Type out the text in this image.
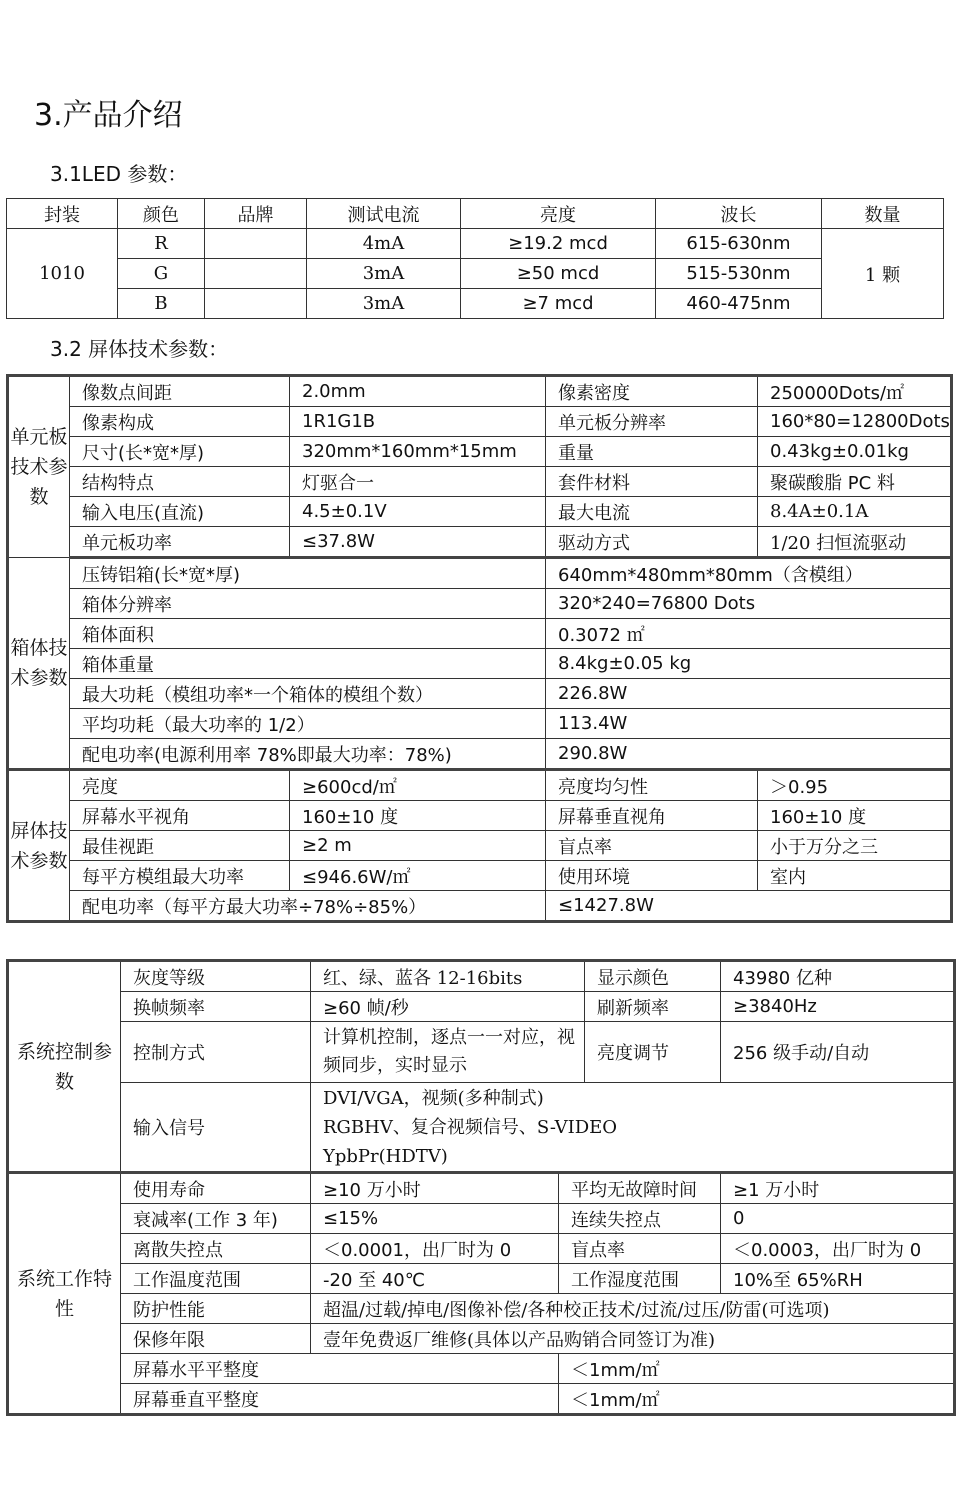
3.产品介绍
3.1LED 参数：
封装	颜色	品牌	测试电流	亮度	波长	数量
1010	R		4mA	≥19.2 mcd	615-630nm	1 颗
	G		3mA	≥50 mcd	515-530nm	
	B		3mA	≥7 mcd	460-475nm	
3.2 屏体技术参数：
单元板技术参数	像数点间距	2.0mm	像素密度	250000Dots/㎡
	像素构成	1R1G1B	单元板分辨率	160*80=12800Dots
	尺寸(长*宽*厚)	320mm*160mm*15mm	重量	0.43kg±0.01kg
	结构特点	灯驱合一	套件材料	聚碳酸脂 PC 料
	输入电压(直流)	4.5±0.1V	最大电流	8.4A±0.1A
	单元板功率	≤37.8W	驱动方式	1/20 扫恒流驱动
箱体技术参数	压铸铝箱(长*宽*厚)		640mm*480mm*80mm（含模组）	
	箱体分辨率		320*240=76800 Dots	
	箱体面积		0.3072 ㎡	
	箱体重量		8.4kg±0.05 kg	
	最大功耗（模组功率*一个箱体的模组个数）		226.8W	
	平均功耗（最大功率的 1/2）		113.4W	
	配电功率(电源利用率 78%即最大功率：78%)		290.8W	
屏体技术参数	亮度	≥600cd/㎡	亮度均匀性	＞0.95
	屏幕水平视角	160±10 度	屏幕垂直视角	160±10 度
	最佳视距	≥2 m	盲点率	小于万分之三
	每平方模组最大功率	≤946.6W/㎡	使用环境	室内
	配电功率（每平方最大功率÷78%÷85%）		≤1427.8W	
系统控制参数	灰度等级	红、绿、蓝各 12-16bits		显示颜色	43980 亿种
	换帧频率	≥60 帧/秒		刷新频率	≥3840Hz
	控制方式	计算机控制，逐点一一对应，视频同步，实时显示		亮度调节	256 级手动/自动
	输入信号	DVI/VGA，视频(多种制式)
RGBHV、复合视频信号、S-VIDEO
YpbPr(HDTV)			

系统工作特性	使用寿命	≥10 万小时	平均无故障时间		≥1 万小时
	衰减率(工作 3 年)	≤15%	连续失控点		0
	离散失控点	＜0.0001，出厂时为 0	盲点率		＜0.0003，出厂时为 0
	工作温度范围	-20 至 40℃	工作湿度范围		10%至 65%RH
	防护性能	超温/过载/掉电/图像补偿/各种校正技术/过流/过压/防雷(可选项)			
	保修年限	壹年免费返厂维修(具体以产品购销合同签订为准)			
	屏幕水平平整度		＜1mm/㎡		
	屏幕垂直平整度		＜1mm/㎡		
